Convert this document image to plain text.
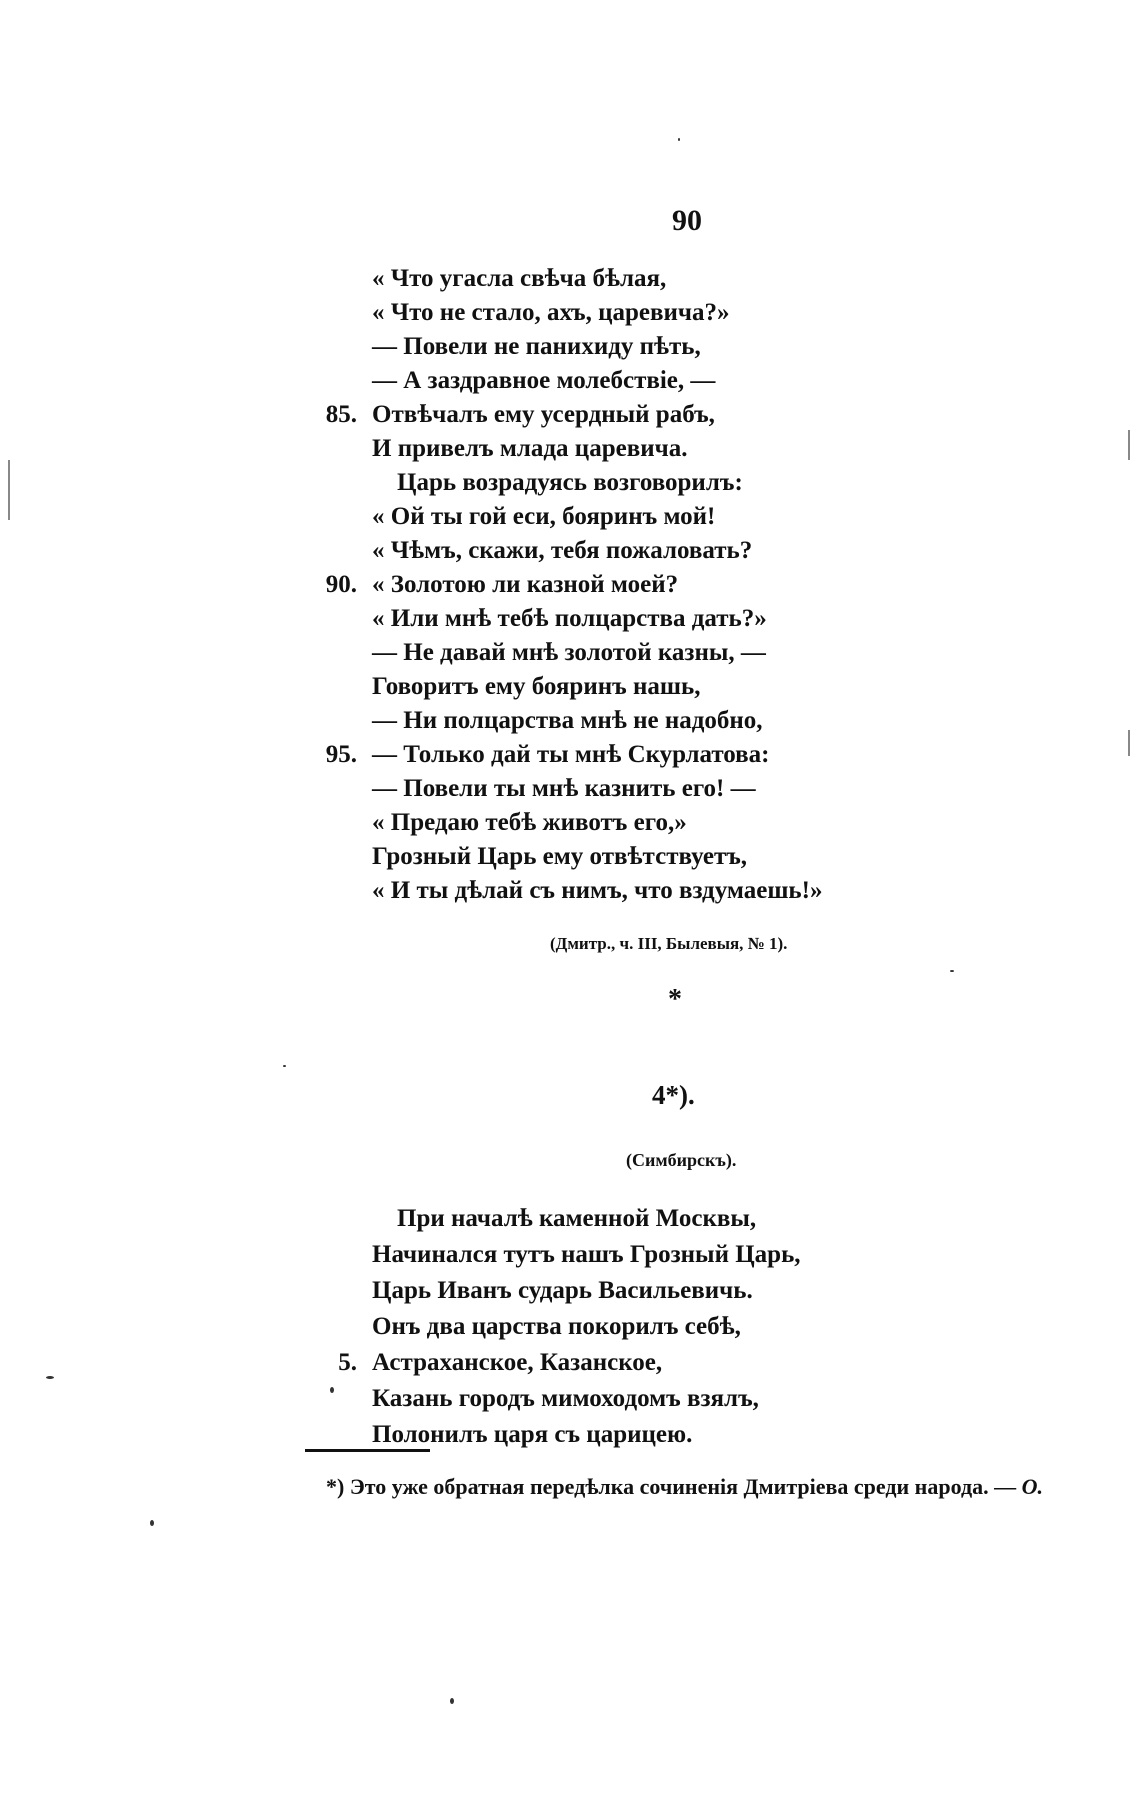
90
« Что угасла свѣча бѣлая,
« Что не стало, ахъ, царевича?»
— Повели не панихиду пѣть,
— А заздравное молебствіе, —
85. Отвѣчалъ ему усердный рабъ,
И привелъ млада царевича.
Царь возрадуясь возговорилъ:
« Ой ты гой еси, бояринъ мой!
« Чѣмъ, скажи, тебя пожаловать?
90. « Золотою ли казной моей?
« Или мнѣ тебѣ полцарства дать?»
— Не давай мнѣ золотой казны, —
Говоритъ ему бояринъ нашь,
— Ни полцарства мнѣ не надобно,
95. — Только дай ты мнѣ Скурлатова:
— Повели ты мнѣ казнить его! —
« Предаю тебѣ животъ его,»
Грозный Царь ему отвѣтствуетъ,
« И ты дѣлай съ нимъ, что вздумаешь!»
(Дмитр., ч. III, Былевыя, № 1).
*
4*).
(Симбирскъ).
При началѣ каменной Москвы,
Начинался тутъ нашъ Грозный Царь,
Царь Иванъ сударь Васильевичь.
Онъ два царства покорилъ себѣ,
5. Астраханское, Казанское,
Казань городъ мимоходомъ взялъ,
Полонилъ царя съ царицею.
*) Это уже обратная передѣлка сочиненія Дмитріева среди народа. — О.
